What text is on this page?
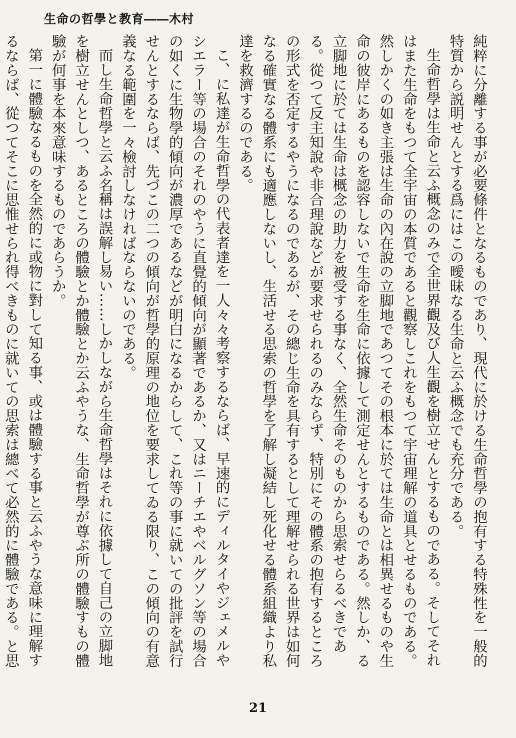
生命の哲學と教育――木村

純粹に分離する事が必要條件となるものであり、現代に於ける生命哲學の抱有する特殊性を一般的特質から説明せんとする爲にはこの曖昧なる生命と云ふ概念でも充分である。

生命哲學は生命と云ふ概念のみで全世界觀及び人生觀を樹立せんとするものである。そしてそれはまた生命をもつて全宇宙の本質であると觀察しこれをもつて宇宙理解の道具とせるものである。然しかくの如き主張は生命の內在說の立脚地であつてその根本に於ては生命とは相異せるものや生命の彼岸にあるものを認容しないで生命を生命に依據して測定せんとするものである。然しか、る立脚地に於ては生命は概念の助力を被受する事なく、全然生命そのものから思索せらるべきである。從つて反主知說や非合理說などが要求せられるのみならず、特別にその體系の抱有するところの形式を否定するやうになるのであるが、その總じ生命を具有するとして理解せられる世界は如何なる確實なる體系にも適應しないし、生活せる思索の哲學を了解し凝結し死化せる體系組織より私達を救濟するのである。

こ、に私達が生命哲學の代表者達を一人々々考察するならば、早速的にディルタイやジェメルやシエラー等の場合のそれのやうに直覺的傾向が顯著であるか、又はニーチエやベルグソン等の場合の如くに生物學的傾向が濃厚であるなどが明白になるからして、これ等の事に就いての批評を試行せんとするならば、先づこの二つの傾向が哲學的原理の地位を要求してゐる限り、この傾向の有意義なる範圍を一々檢討しなければならないのである。

而し生命哲學と云ふ名稱は誤解し易い……しかしながら生命哲學はそれに依據して自己の立脚地を樹立せんとしつ、あるところの體驗とか體驗とか云ふやうな、生命哲學が尊ぶ所の體驗すもの體驗が何事を本來意味するものであらうか。

第一に體驗なるものを全然的に或物に對して知る事、或は體驗する事と云ふやうな意味に理解するならば、從つてそこに思惟せられ得べきものに就いての思索は總べて必然的に體驗である。と思

21
